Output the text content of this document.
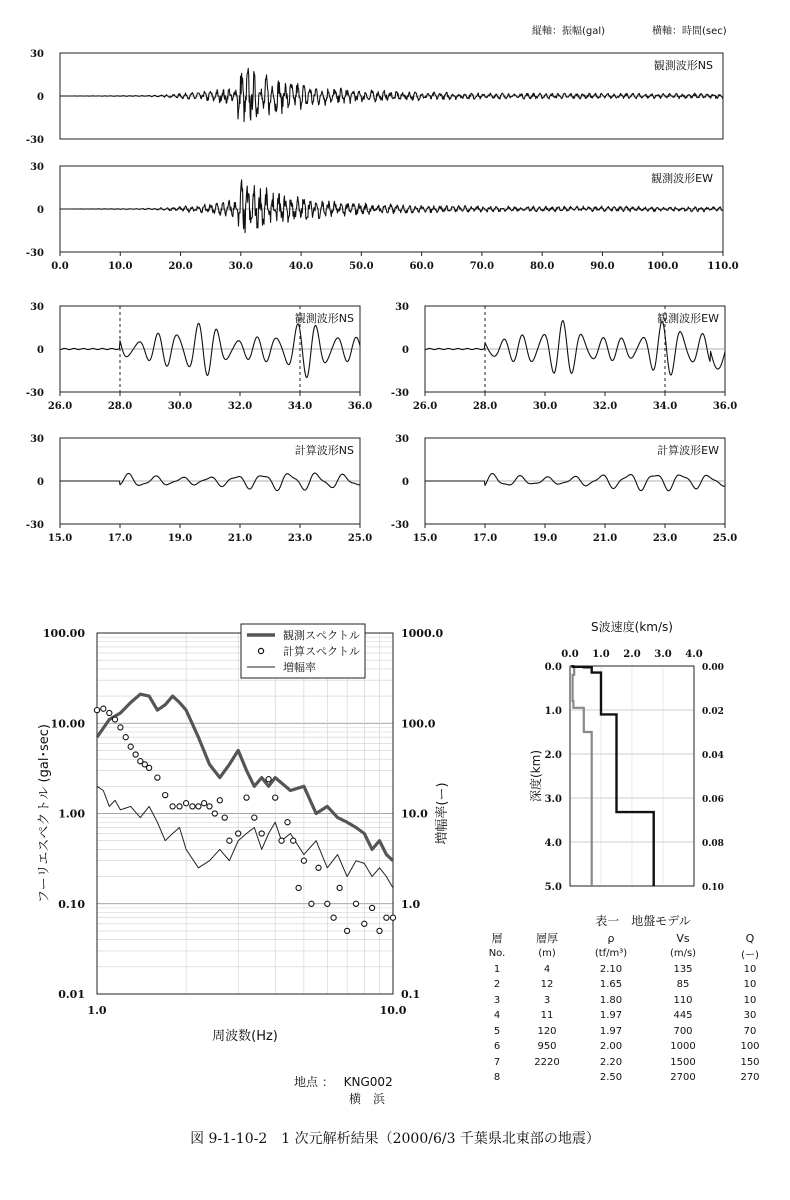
縦軸：振幅(gal)	横軸：時間(sec)
30
0
-30
観測波形NS
30
0
-30
0.0	10.0	20.0	30.0	40.0	50.0	60.0	70.0	80.0	90.0	100.0	110.0
観測波形EW
30
0
-30
26.0	28.0	30.0	32.0	34.0	36.0
観測波形NS
30
0
-30
26.0	28.0	30.0	32.0	34.0	36.0
観測波形EW
30
0
-30
15.0	17.0	19.0	21.0	23.0	25.0
計算波形NS
30
0
-30
15.0	17.0	19.0	21.0	23.0	25.0
計算波形EW
100.00
10.00
1.00
0.10
0.01
1000.0
100.0
10.0
1.0
0.1
1.0	10.0
周波数(Hz)
フーリエスペクトル (gal･sec)	増幅率(ー)
観測スペクトル
計算スペクトル
増幅率
S波速度(km/s)
0.0 1.0 2.0 3.0 4.0
0.0
1.0
2.0
3.0
4.0
5.0
0.00
0.02
0.04
0.06
0.08
0.10
深度(km)
表一　地盤モデル
層	層厚	ρ	Vs	Q
No.	(m)	(tf/m³)	(m/s)	(ー)
1	4	2.10	135	10
2	12	1.65	85	10
3	3	1.80	110	10
4	11	1.97	445	30
5	120	1.97	700	70
6	950	2.00	1000	100
7	2220	2.20	1500	150
8		2.50	2700	270
地点 ： KNG002
横　浜
図 9-1-10-2　1 次元解析結果（2000/6/3 千葉県北東部の地震）
